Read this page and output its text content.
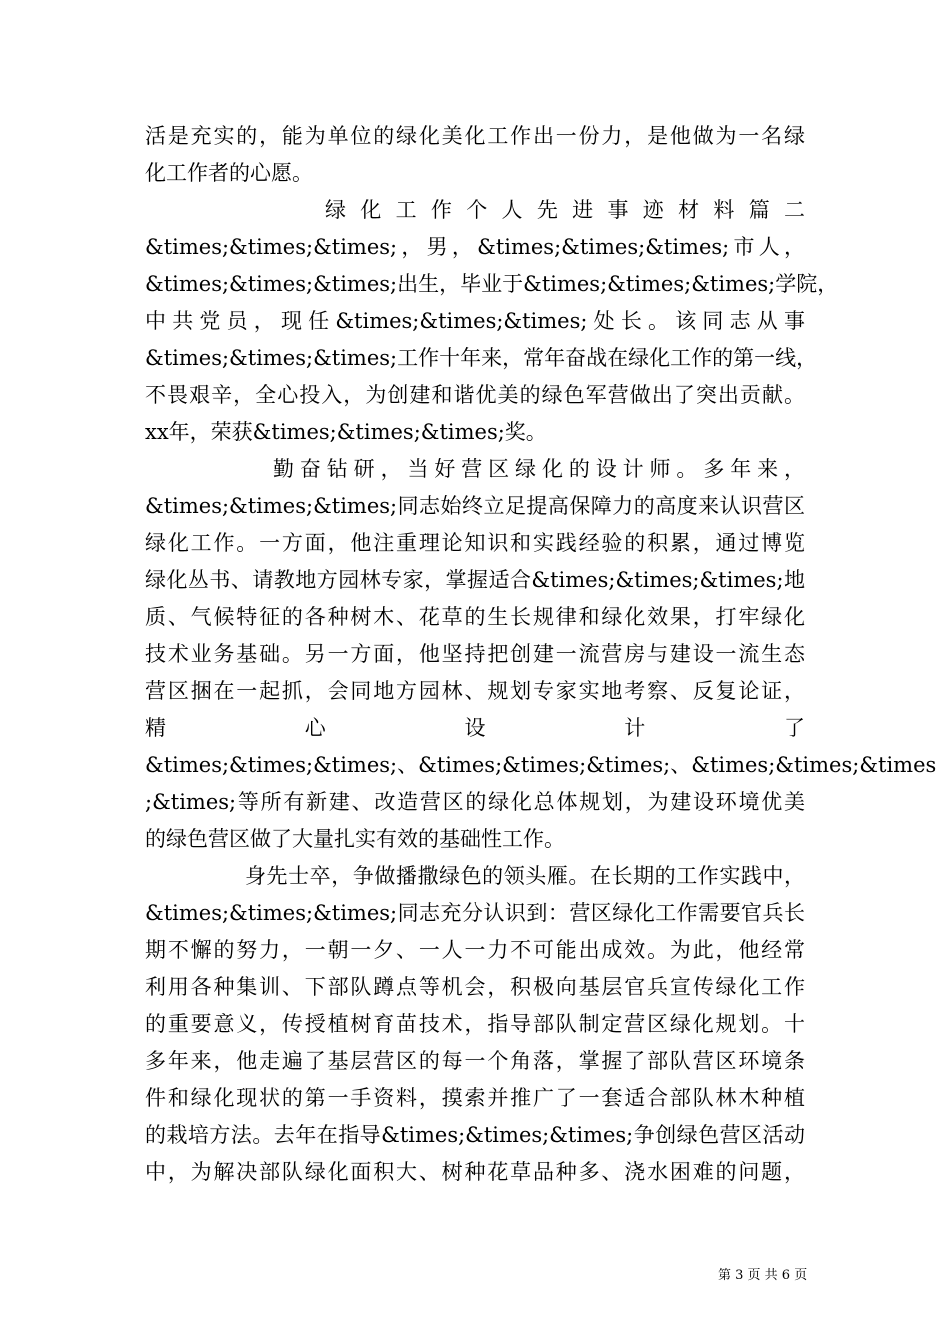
活是充实的，能为单位的绿化美化工作出一份力，是他做为一名绿
化工作者的心愿。
绿化工作个人先进事迹材料篇二
&times;&times;&times;，男，&times;&times;&times;市人，
&times;&times;&times;出生，毕业于&times;&times;&times;学院，
中共党员，现任&times;&times;&times;处长。该同志从事
&times;&times;&times;工作十年来，常年奋战在绿化工作的第一线，
不畏艰辛，全心投入，为创建和谐优美的绿色军营做出了突出贡献。
xx年，荣获&times;&times;&times;奖。
勤奋钻研，当好营区绿化的设计师。多年来，
&times;&times;&times;同志始终立足提高保障力的高度来认识营区
绿化工作。一方面，他注重理论知识和实践经验的积累，通过博览
绿化丛书、请教地方园林专家，掌握适合&times;&times;&times;地
质、气候特征的各种树木、花草的生长规律和绿化效果，打牢绿化
技术业务基础。另一方面，他坚持把创建一流营房与建设一流生态
营区捆在一起抓，会同地方园林、规划专家实地考察、反复论证，
精心设计了
&times;&times;&times;、&times;&times;&times;、&times;&times;&times
;&times;等所有新建、改造营区的绿化总体规划，为建设环境优美
的绿色营区做了大量扎实有效的基础性工作。
身先士卒，争做播撒绿色的领头雁。在长期的工作实践中，
&times;&times;&times;同志充分认识到：营区绿化工作需要官兵长
期不懈的努力，一朝一夕、一人一力不可能出成效。为此，他经常
利用各种集训、下部队蹲点等机会，积极向基层官兵宣传绿化工作
的重要意义，传授植树育苗技术，指导部队制定营区绿化规划。十
多年来，他走遍了基层营区的每一个角落，掌握了部队营区环境条
件和绿化现状的第一手资料，摸索并推广了一套适合部队林木种植
的栽培方法。去年在指导&times;&times;&times;争创绿色营区活动
中，为解决部队绿化面积大、树种花草品种多、浇水困难的问题，
第 3 页 共 6 页
